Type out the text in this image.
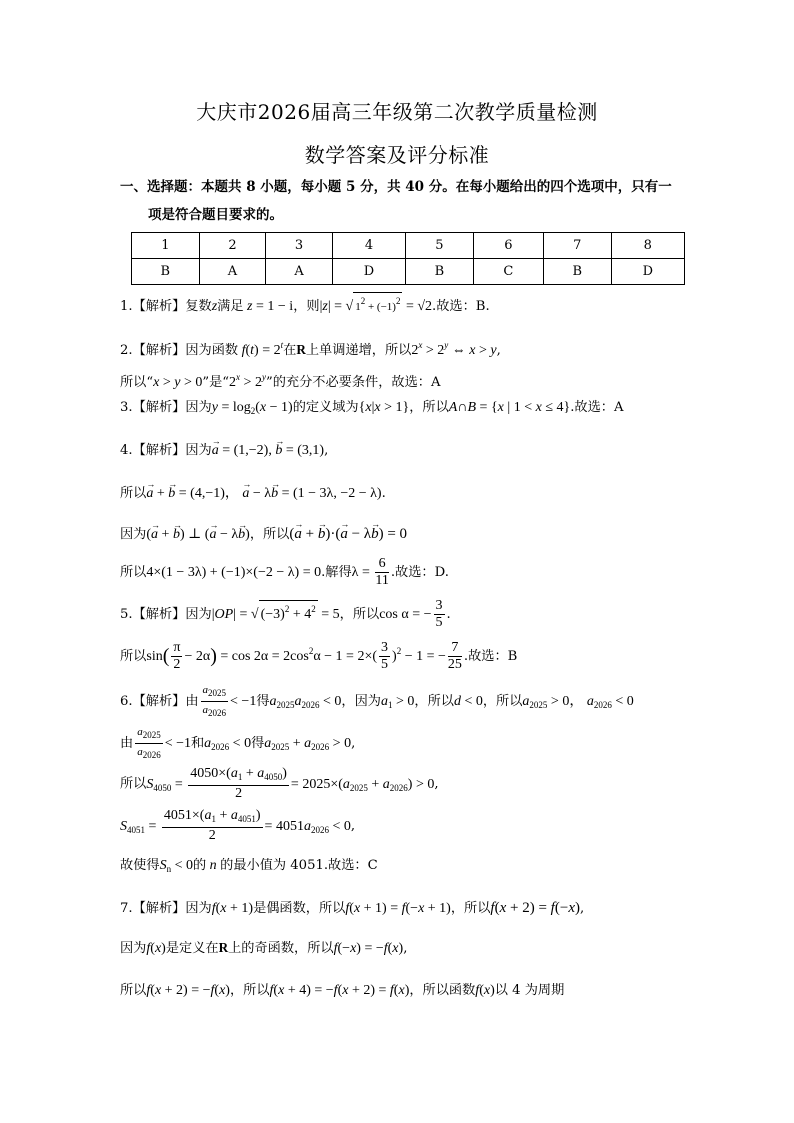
大庆市2026届高三年级第二次教学质量检测
数学答案及评分标准
一、选择题：本题共 8 小题，每小题 5 分，共 40 分。在每小题给出的四个选项中，只有一
项是符合题目要求的。
1	2	3	4	5	6	7	8
B	A	A	D	B	C	B	D
1.【解析】复数z满足 z = 1 − i，则|z| = √ $1^2 + (-1)^2 = √2$.故选：B.
2.【解析】因为函数 $f(t) = 2^t$在R上单调递增，所以$2^x > 2^y$ ⇔ x > y,
所以“x > y > 0”是“$2^x > 2^y$”的充分不必要条件，故选：A
3.【解析】因为$y = \log_2(x - 1)$的定义域为{x|x > 1}，所以A∩B = {x | 1 < x ≤ 4}.故选：A
4.【解析】因为→ a = (1,−2), → b = (3,1),
所以→ a + → b = (4,−1)， → a − λ→ b = (1 − 3λ, −2 − λ).
因为(→ a + → b) ⊥ (→ a − λ→ b)，所以(→ a + → b)·(→ a − λ→ b) = 0
所以4×(1 − 3λ) + (−1)×(−2 − λ) = 0.解得$\lambda = \frac{6}{11}$ .故选：D.
5.【解析】因为|OP| = √ $(-3)^2 + 4^2 = 5$，所以cos α = − $\frac{3}{5}$ .
所以$\sin( \frac{\pi}{2} - 2\alpha) = \cos 2\alpha = 2\cos^2\alpha - 1 = 2\times( \frac{3}{5} )^2 - 1$ = − $\frac{7}{25}$ .故选：B
6.【解析】由 $\frac{a_{2025}}{a_{2026}} < -1$得$a_{2025}a_{2026} < 0$，因为$a_1 > 0$，所以d < 0，所以$a_{2025} > 0$， $a_{2026} < 0$
由 $\frac{a_{2025}}{a_{2026}} < -1$和$a_{2026} < 0$得$a_{2025} + a_{2026} > 0$,
所以$S_{4050} = \frac{4050\times(a_1 + a_{4050})}{2} = 2025\times(a_{2025} + a_{2026}) > 0$,
$S_{4051} = \frac{4051\times(a_1 + a_{4051})}{2} = 4051a_{2026} < 0$,
故使得$S_n < 0$的 n 的最小值为 4051.故选：C
7.【解析】因为f(x + 1)是偶函数，所以f(x + 1) = f(−x + 1)，所以f(x + 2) = f(−x),
因为f(x)是定义在R上的奇函数，所以f(−x) = −f(x),
所以f(x + 2) = −f(x)，所以f(x + 4) = −f(x + 2) = f(x)，所以函数f(x)以 4 为周期
